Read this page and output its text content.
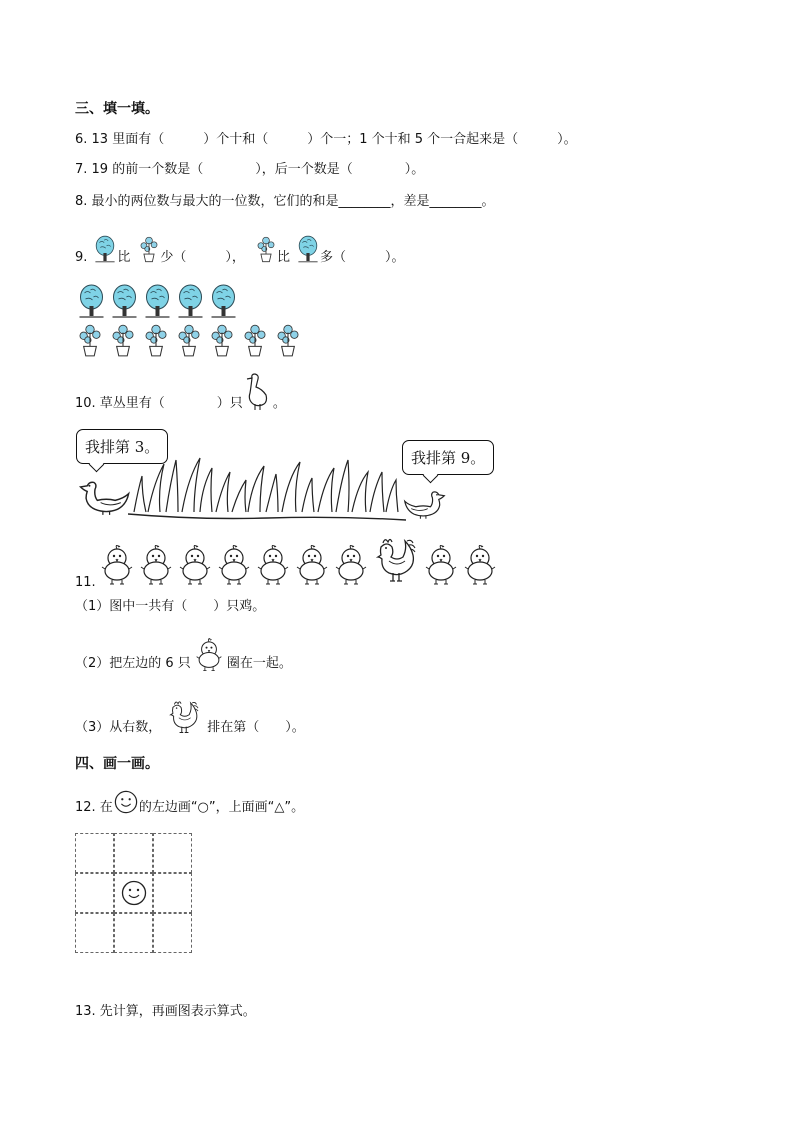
三、填一填。
6. 13 里面有（　　　）个十和（　　　）个一；1 个十和 5 个一合起来是（　　　）。
7. 19 的前一个数是（　　　　），后一个数是（　　　　）。
8. 最小的两位数与最大的一位数，它们的和是________，差是________。
9. 比 少（　　　）， 比 多（　　　）。
10. 草丛里有（　　　　）只 。
我排第 3。
我排第 9。
11.
（1）图中一共有（　　）只鸡。
（2）把左边的 6 只	圈在一起。
（3）从右数，	排在第（　　）。
四、画一画。
12. 在 的左边画“○”，上面画“△”。
13. 先计算，再画图表示算式。
